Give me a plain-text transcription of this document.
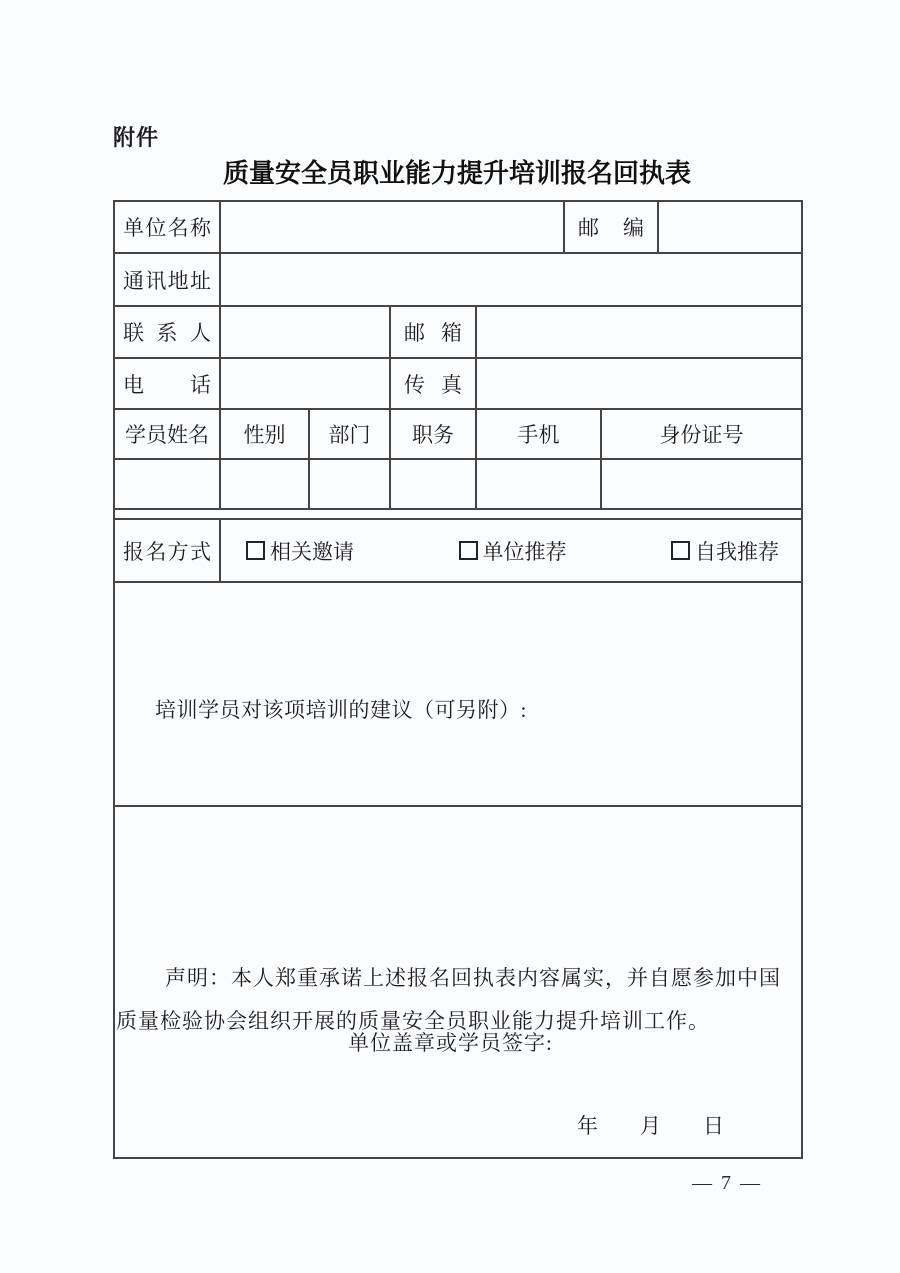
附件
质量安全员职业能力提升培训报名回执表
单位名称					邮 编		
通讯地址							
联 系 人			邮 箱				
电 话			传 真				
学员姓名	性别	部门	职务	手机		身份证号	

报名方式	相关邀请 单位推荐 自我推荐						

培训学员对该项培训的建议（可另附）:							

声明：本人郑重承诺上述报名回执表内容属实，并自愿参加中国质量检验协会组织开展的质量安全员职业能力提升培训工作。

单位盖章或学员签字:
年　　月　　日							
— 7 —
